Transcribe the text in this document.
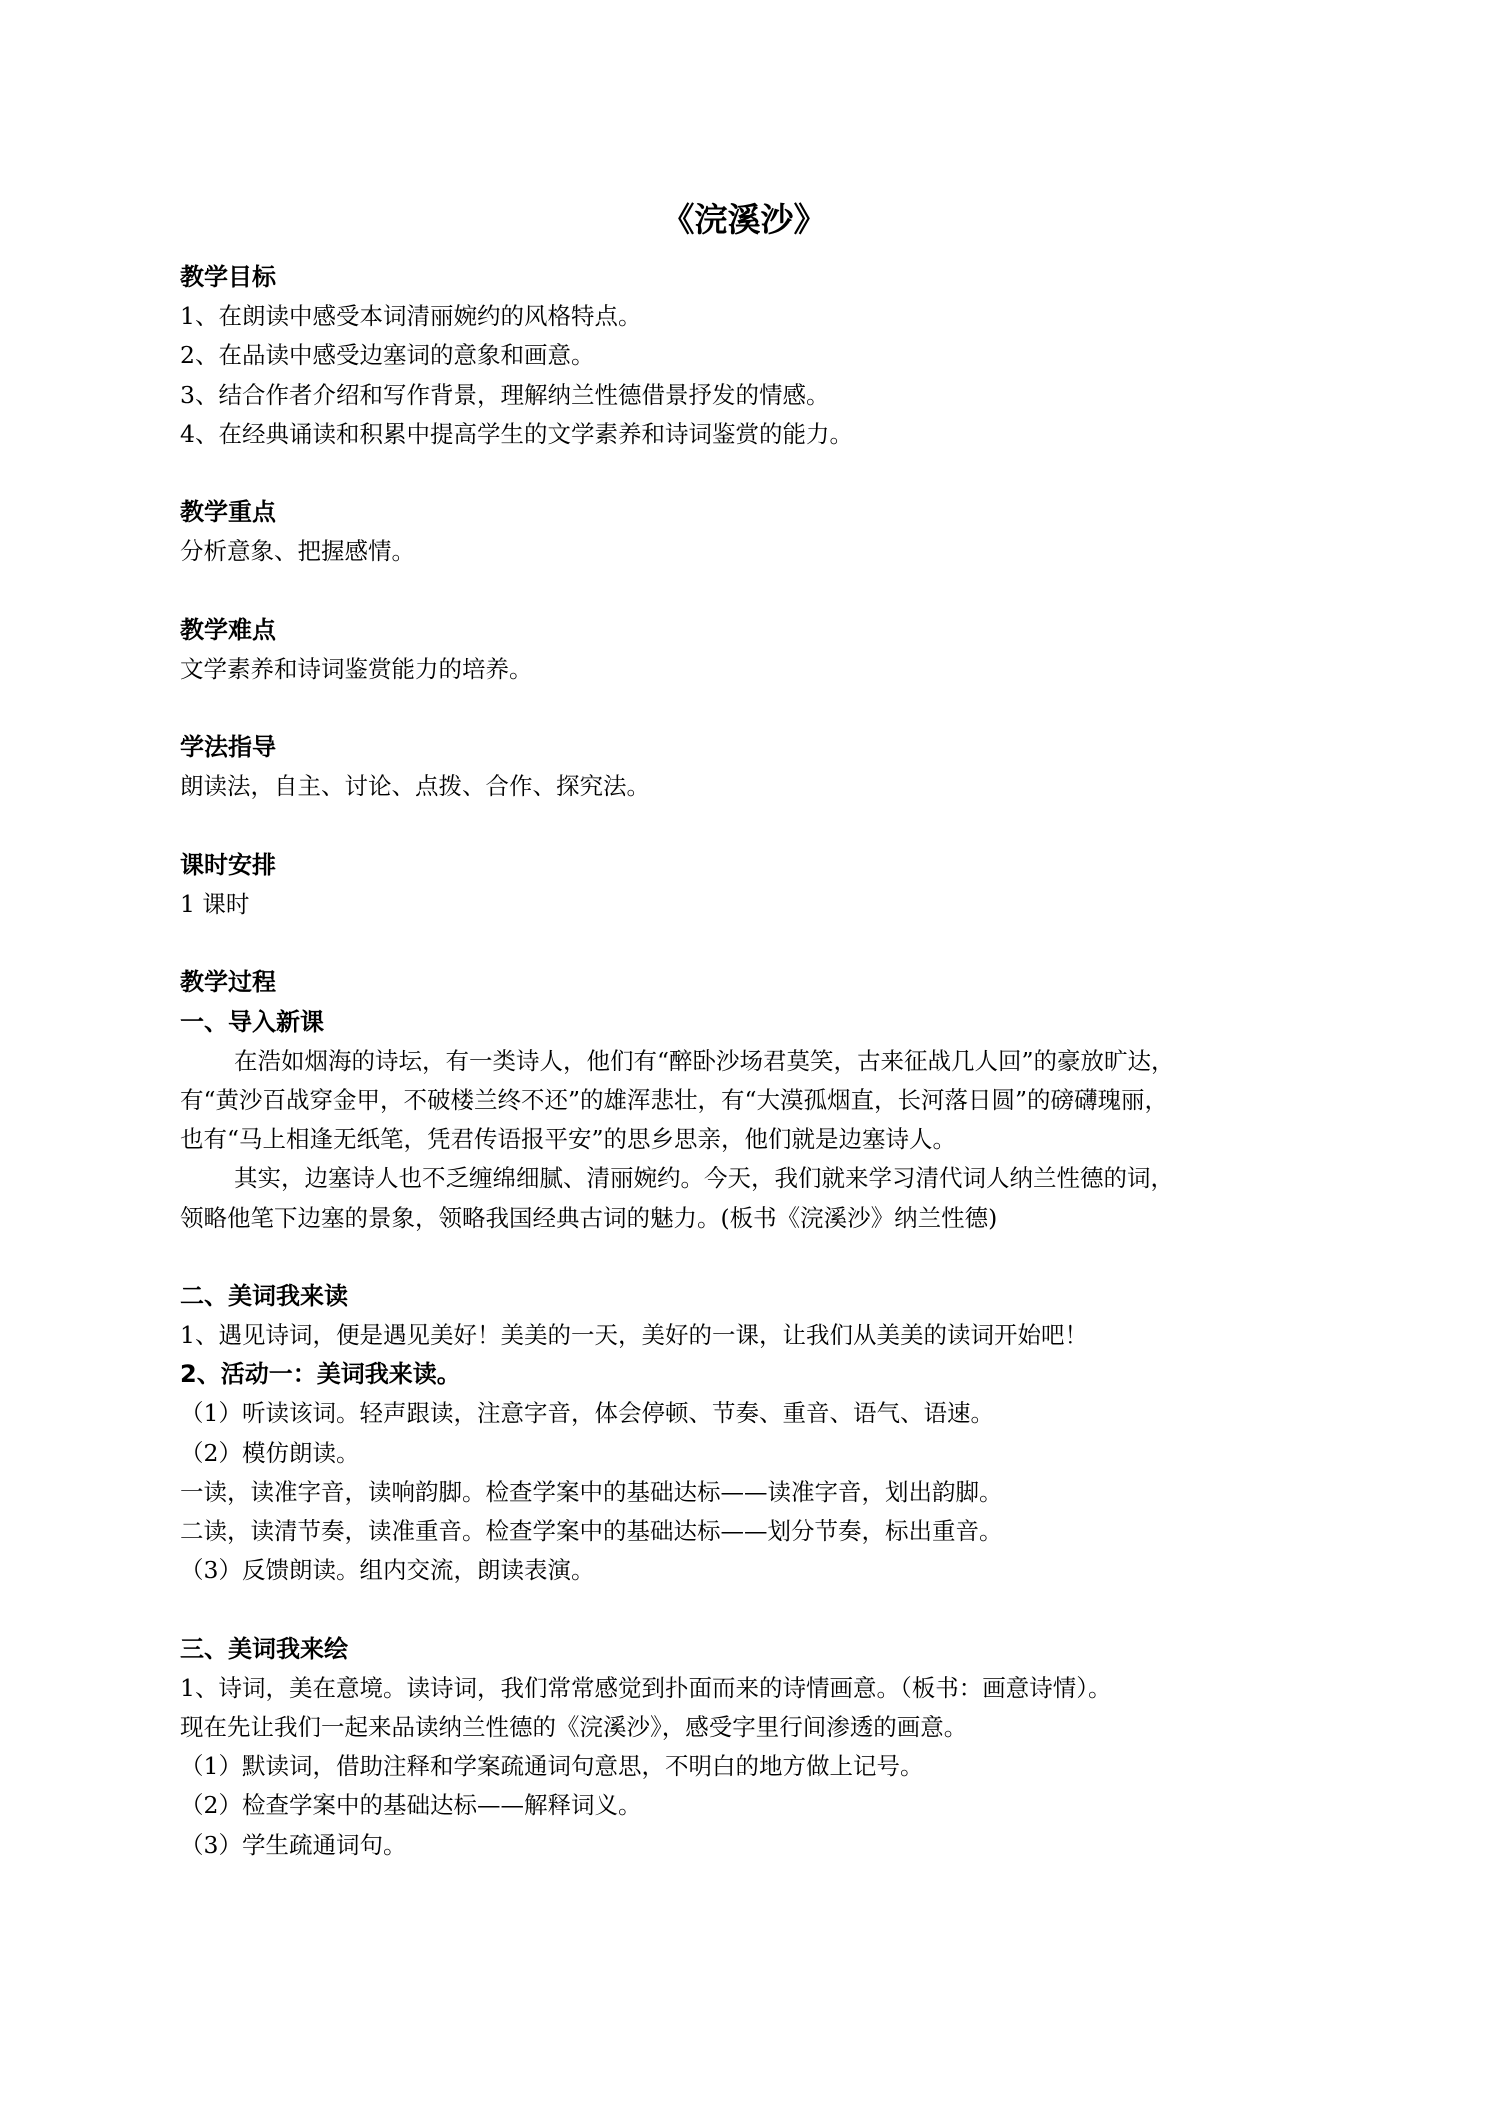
《浣溪沙》
教学目标
1、在朗读中感受本词清丽婉约的风格特点。
2、在品读中感受边塞词的意象和画意。
3、结合作者介绍和写作背景，理解纳兰性德借景抒发的情感。
4、在经典诵读和积累中提高学生的文学素养和诗词鉴赏的能力。
教学重点
分析意象、把握感情。
教学难点
文学素养和诗词鉴赏能力的培养。
学法指导
朗读法，自主、讨论、点拨、合作、探究法。
课时安排
1 课时
教学过程
一、导入新课
在浩如烟海的诗坛，有一类诗人，他们有“醉卧沙场君莫笑，古来征战几人回”的豪放旷达，
有“黄沙百战穿金甲，不破楼兰终不还”的雄浑悲壮，有“大漠孤烟直，长河落日圆”的磅礴瑰丽，
也有“马上相逢无纸笔，凭君传语报平安”的思乡思亲，他们就是边塞诗人。
其实，边塞诗人也不乏缠绵细腻、清丽婉约。今天，我们就来学习清代词人纳兰性德的词，
领略他笔下边塞的景象，领略我国经典古词的魅力。(板书《浣溪沙》纳兰性德)
二、美词我来读
1、遇见诗词，便是遇见美好！美美的一天，美好的一课，让我们从美美的读词开始吧！
2、活动一：美词我来读。
（1）听读该词。轻声跟读，注意字音，体会停顿、节奏、重音、语气、语速。
（2）模仿朗读。
一读，读准字音，读响韵脚。检查学案中的基础达标——读准字音，划出韵脚。
二读，读清节奏，读准重音。检查学案中的基础达标——划分节奏，标出重音。
（3）反馈朗读。组内交流，朗读表演。
三、美词我来绘
1、诗词，美在意境。读诗词，我们常常感觉到扑面而来的诗情画意。（板书：画意诗情）。
现在先让我们一起来品读纳兰性德的《浣溪沙》，感受字里行间渗透的画意。
（1）默读词，借助注释和学案疏通词句意思，不明白的地方做上记号。
（2）检查学案中的基础达标——解释词义。
（3）学生疏通词句。
